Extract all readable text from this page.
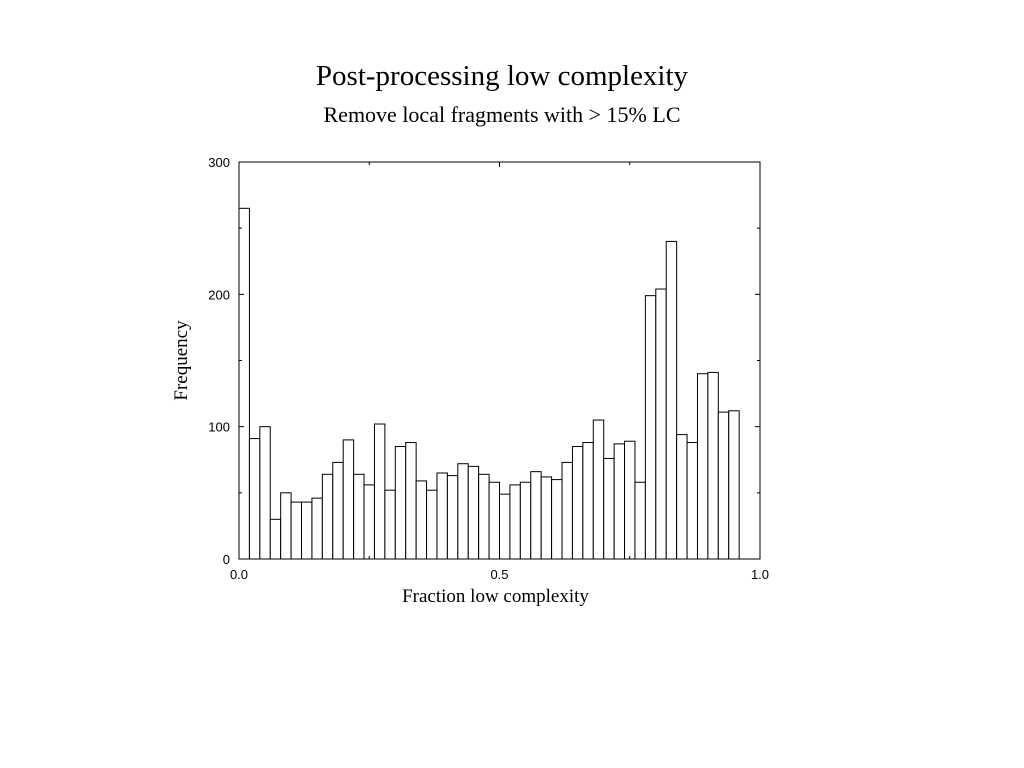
Post-processing low complexity
Remove local fragments with > 15% LC
0
100
200
300
0.0	0.5	1.0
Fraction low complexity
Frequency
